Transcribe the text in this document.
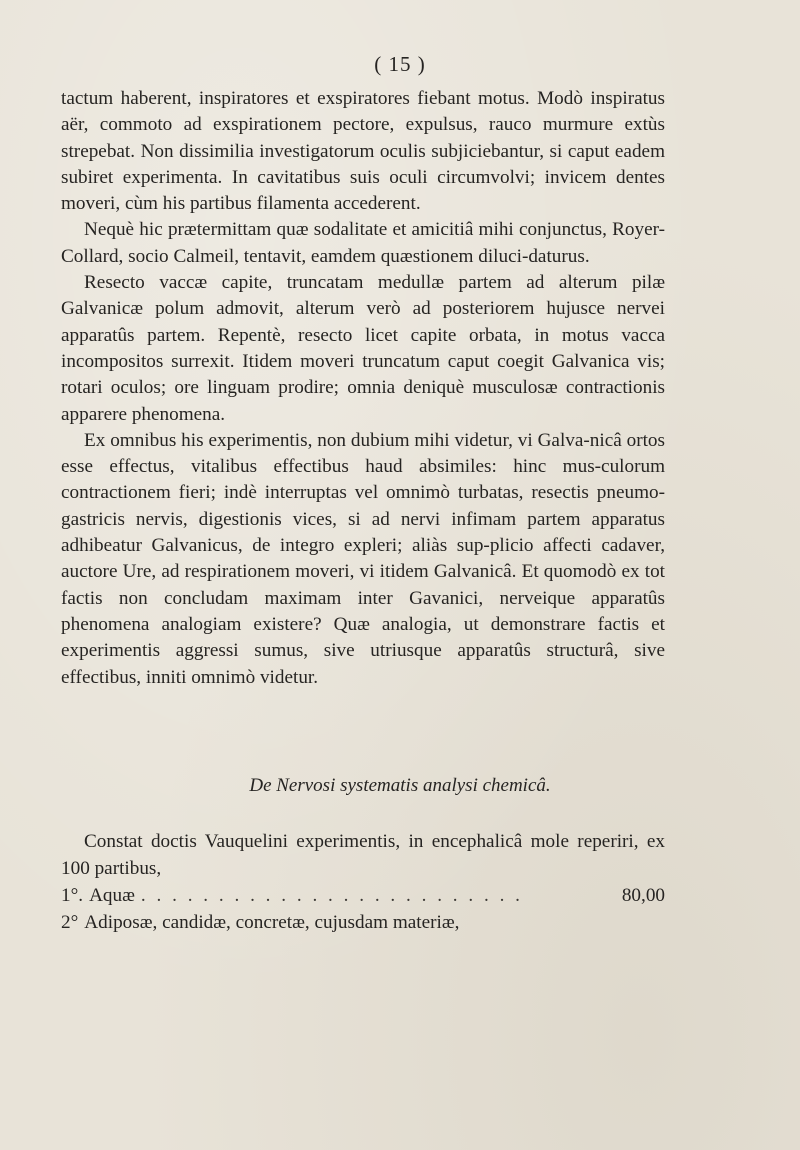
( 15 )

tactum haberent, inspiratores et exspiratores fiebant motus. Modò inspiratus aër, commoto ad exspirationem pectore, expulsus, rauco murmure extùs strepebat. Non dissimilia investigatorum oculis subjiciebantur, si caput eadem subiret experimenta. In cavitatibus suis oculi circumvolvi; invicem dentes moveri, cùm his partibus filamenta accederent.

Nequè hic prætermittam quæ sodalitate et amicitiâ mihi conjunctus, Royer-Collard, socio Calmeil, tentavit, eamdem quæstionem diluci-daturus.

Resecto vaccæ capite, truncatam medullæ partem ad alterum pilæ Galvanicæ polum admovit, alterum verò ad posteriorem hujusce nervei apparatûs partem. Repentè, resecto licet capite orbata, in motus vacca incompositos surrexit. Itidem moveri truncatum caput coegit Galvanica vis; rotari oculos; ore linguam prodire; omnia deniquè musculosæ contractionis apparere phenomena.

Ex omnibus his experimentis, non dubium mihi videtur, vi Galva-nicâ ortos esse effectus, vitalibus effectibus haud absimiles: hinc mus-culorum contractionem fieri; indè interruptas vel omnimò turbatas, resectis pneumo-gastricis nervis, digestionis vices, si ad nervi infimam partem apparatus adhibeatur Galvanicus, de integro expleri; aliàs sup-plicio affecti cadaver, auctore Ure, ad respirationem moveri, vi itidem Galvanicâ. Et quomodò ex tot factis non concludam maximam inter Gavanici, nerveique apparatûs phenomena analogiam existere? Quæ analogia, ut demonstrare factis et experimentis aggressi sumus, sive utriusque apparatûs structurâ, sive effectibus, inniti omnimò videtur.

De Nervosi systematis analysi chemicâ.

Constat doctis Vauquelini experimentis, in encephalicâ mole reperiri, ex 100 partibus,

1°. Aquæ . . . . . . . . . . . . . . . . . . . . . . . . .	80,00

2° Adiposæ, candidæ, concretæ, cujusdam materiæ,
